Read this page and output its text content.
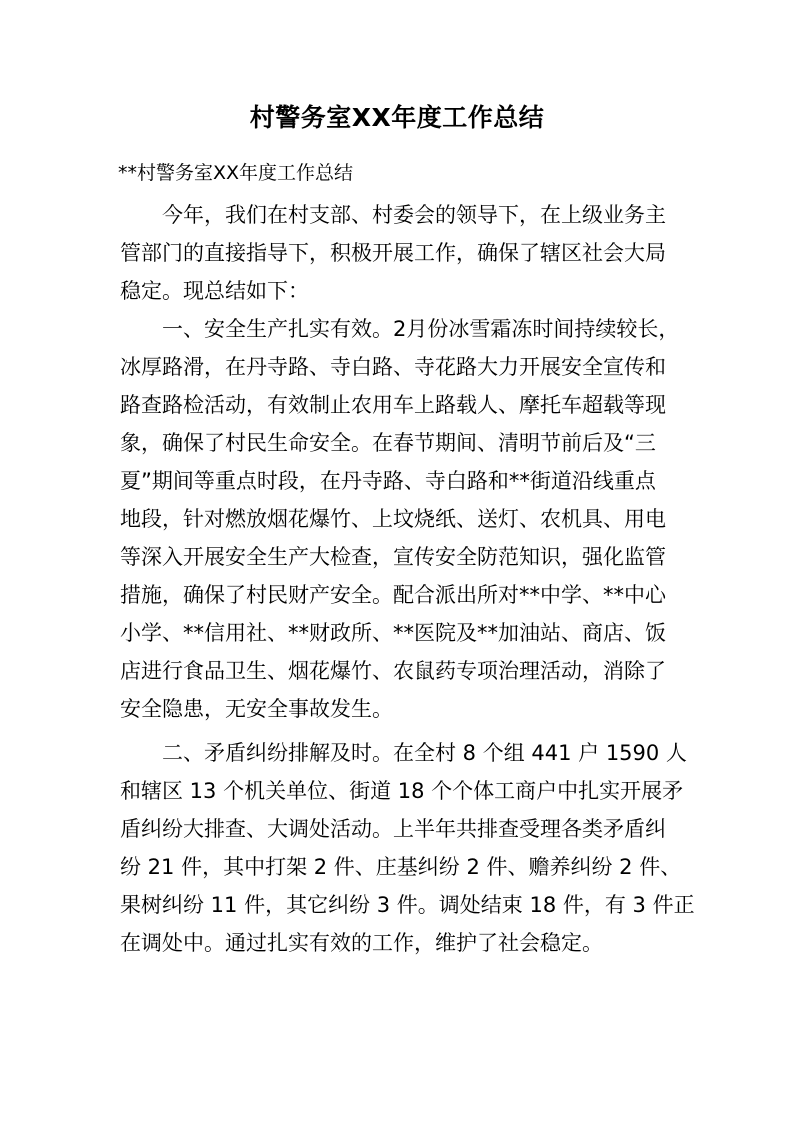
村警务室XX年度工作总结
**村警务室XX年度工作总结
今年，我们在村支部、村委会的领导下，在上级业务主
管部门的直接指导下，积极开展工作，确保了辖区社会大局
稳定。现总结如下：
一、安全生产扎实有效。2月份冰雪霜冻时间持续较长，
冰厚路滑，在丹寺路、寺白路、寺花路大力开展安全宣传和
路查路检活动，有效制止农用车上路载人、摩托车超载等现
象，确保了村民生命安全。在春节期间、清明节前后及“三
夏”期间等重点时段，在丹寺路、寺白路和**街道沿线重点
地段，针对燃放烟花爆竹、上坟烧纸、送灯、农机具、用电
等深入开展安全生产大检查，宣传安全防范知识，强化监管
措施，确保了村民财产安全。配合派出所对**中学、**中心
小学、**信用社、**财政所、**医院及**加油站、商店、饭
店进行食品卫生、烟花爆竹、农鼠药专项治理活动，消除了
安全隐患，无安全事故发生。
二、矛盾纠纷排解及时。在全村 8 个组 441 户 1590 人
和辖区 13 个机关单位、街道 18 个个体工商户中扎实开展矛
盾纠纷大排查、大调处活动。上半年共排查受理各类矛盾纠
纷 21 件，其中打架 2 件、庄基纠纷 2 件、赡养纠纷 2 件、
果树纠纷 11 件，其它纠纷 3 件。调处结束 18 件，有 3 件正
在调处中。通过扎实有效的工作，维护了社会稳定。
